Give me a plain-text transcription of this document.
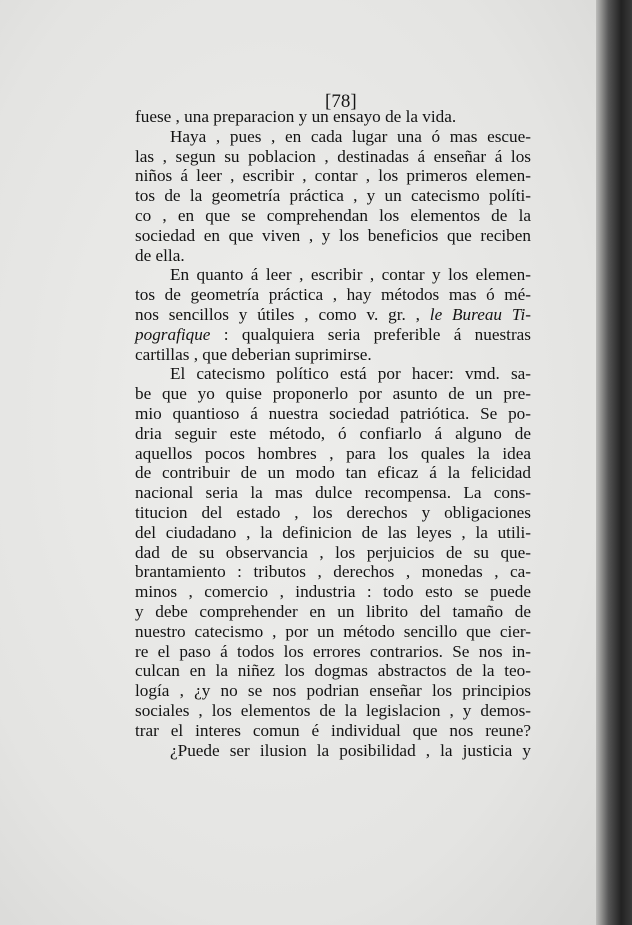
[78]
fuese , una preparacion y un ensayo de la vida.
Haya , pues , en cada lugar una ó mas escue-
las , segun su poblacion , destinadas á enseñar á los
niños á leer , escribir , contar , los primeros elemen-
tos de la geometría práctica , y un catecismo políti-
co , en que se comprehendan los elementos de la
sociedad en que viven , y los beneficios que reciben
de ella.
En quanto á leer , escribir , contar y los elemen-
tos de geometría práctica , hay métodos mas ó mé-
nos sencillos y útiles , como v. gr. , le Bureau Ti-
pografique : qualquiera seria preferible á nuestras
cartillas , que deberian suprimirse.
El catecismo político está por hacer: vmd. sa-
be que yo quise proponerlo por asunto de un pre-
mio quantioso á nuestra sociedad patriótica. Se po-
dria seguir este método, ó confiarlo á alguno de
aquellos pocos hombres , para los quales la idea
de contribuir de un modo tan eficaz á la felicidad
nacional seria la mas dulce recompensa. La cons-
titucion del estado , los derechos y obligaciones
del ciudadano , la definicion de las leyes , la utili-
dad de su observancia , los perjuicios de su que-
brantamiento : tributos , derechos , monedas , ca-
minos , comercio , industria : todo esto se puede
y debe comprehender en un librito del tamaño de
nuestro catecismo , por un método sencillo que cier-
re el paso á todos los errores contrarios. Se nos in-
culcan en la niñez los dogmas abstractos de la teo-
logía , ¿y no se nos podrian enseñar los principios
sociales , los elementos de la legislacion , y demos-
trar el interes comun é individual que nos reune?
¿Puede ser ilusion la posibilidad , la justicia y
